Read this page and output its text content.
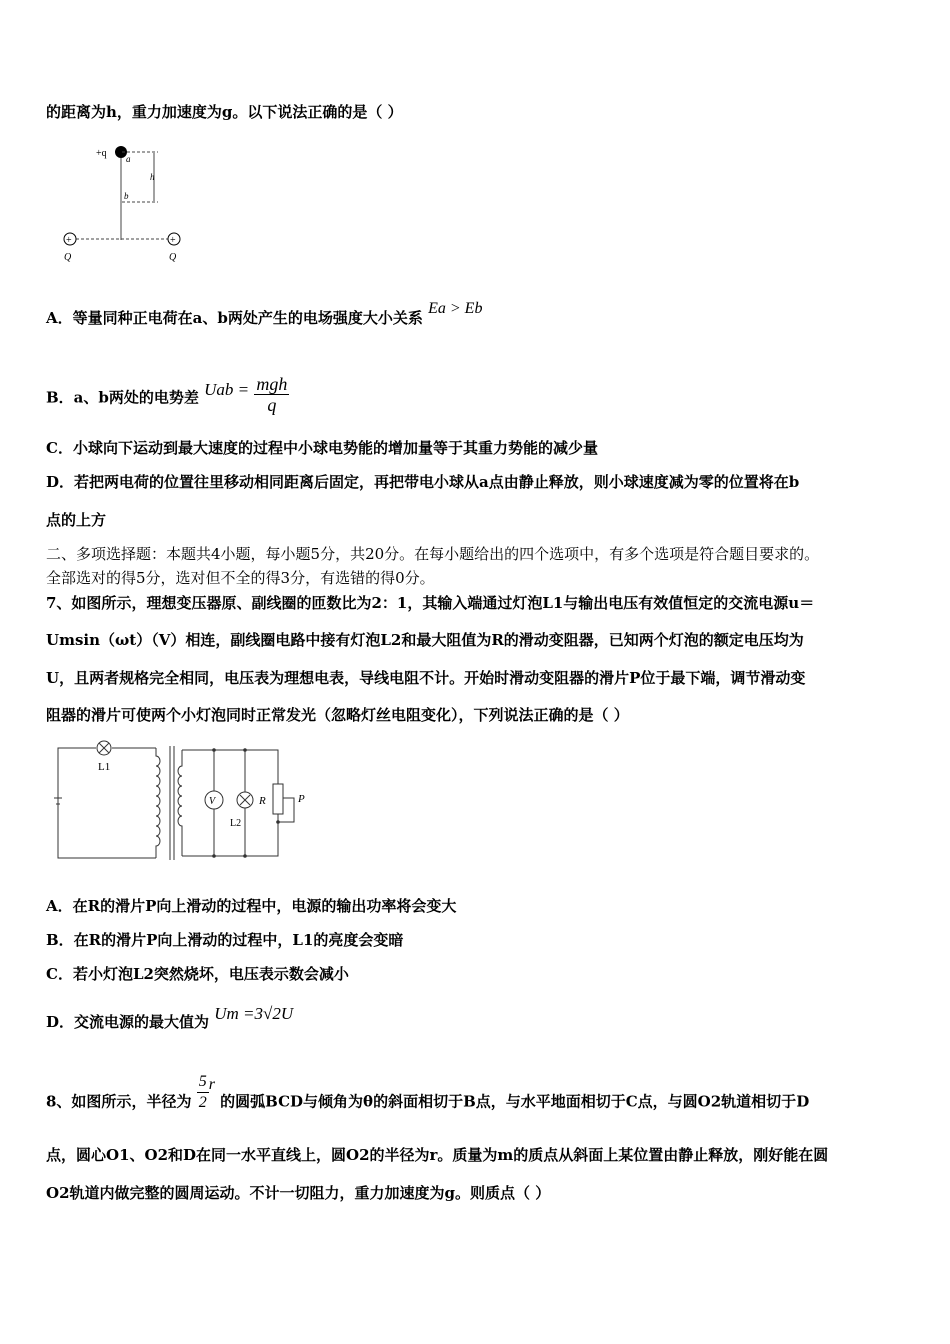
的距离为h，重力加速度为g。以下说法正确的是（ ）
+q a
b
h
+	+
Q	Q
A．等量同种正电荷在a、b两处产生的电场强度大小关系 Ea > Eb
B．a、b两处的电势差 Uab = $\frac{\text{mgh}}{q}$
C．小球向下运动到最大速度的过程中小球电势能的增加量等于其重力势能的减少量
D．若把两电荷的位置往里移动相同距离后固定，再把带电小球从a点由静止释放，则小球速度减为零的位置将在b
点的上方
二、多项选择题：本题共4小题，每小题5分，共20分。在每小题给出的四个选项中，有多个选项是符合题目要求的。
全部选对的得5分，选对但不全的得3分，有选错的得0分。
7、如图所示，理想变压器原、副线圈的匝数比为2：1，其输入端通过灯泡L1与输出电压有效值恒定的交流电源u＝
Umsin（ωt）（V）相连，副线圈电路中接有灯泡L2和最大阻值为R的滑动变阻器，已知两个灯泡的额定电压均为
U，且两者规格完全相同，电压表为理想电表，导线电阻不计。开始时滑动变阻器的滑片P位于最下端，调节滑动变
阻器的滑片可使两个小灯泡同时正常发光（忽略灯丝电阻变化），下列说法正确的是（ ）
L1
V
L2
R	P
A．在R的滑片P向上滑动的过程中，电源的输出功率将会变大
B．在R的滑片P向上滑动的过程中，L1的亮度会变暗
C．若小灯泡L2突然烧坏，电压表示数会减小
D．交流电源的最大值为 Um =3√2U
8、如图所示，半径为 $\frac{5}{2}$ r 的圆弧BCD与倾角为θ的斜面相切于B点，与水平地面相切于C点，与圆O2轨道相切于D
点，圆心O1、O2和D在同一水平直线上，圆O2的半径为r。质量为m的质点从斜面上某位置由静止释放，刚好能在圆
O2轨道内做完整的圆周运动。不计一切阻力，重力加速度为g。则质点（ ）
